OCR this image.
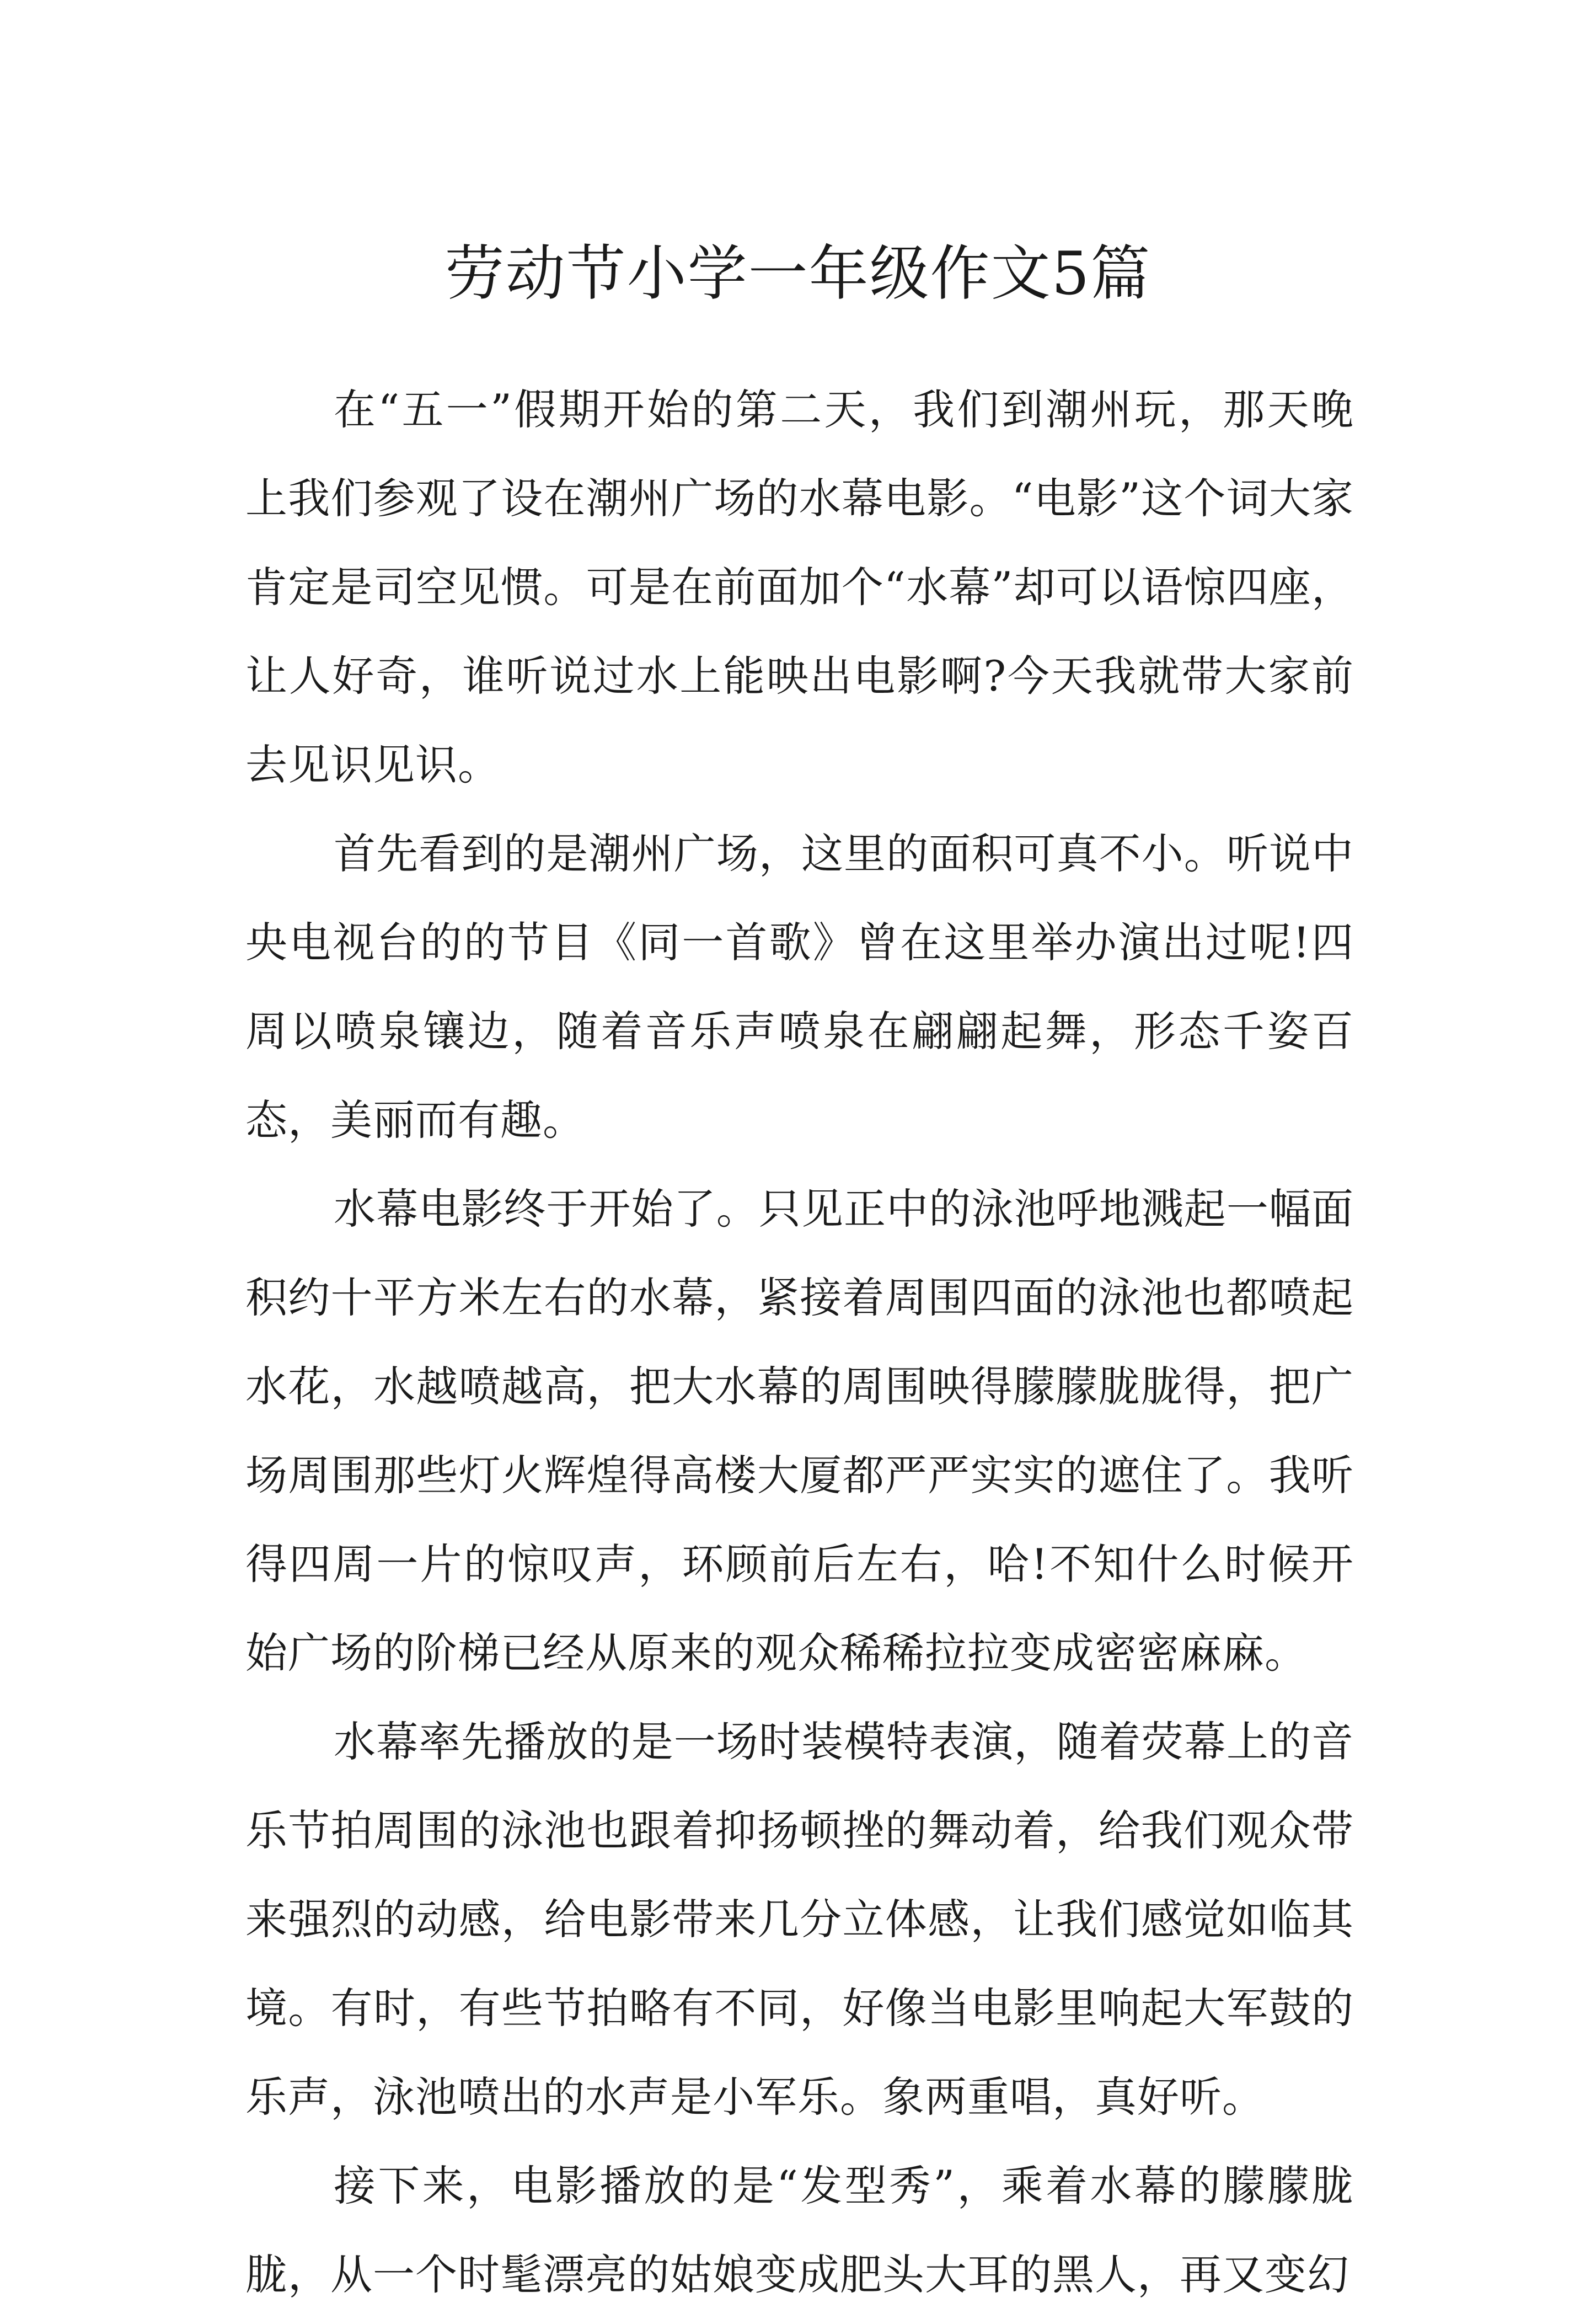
劳动节小学一年级作文5篇

在“五一”假期开始的第二天，我们到潮州玩，那天晚上我们参观了设在潮州广场的水幕电影。“电影”这个词大家肯定是司空见惯。可是在前面加个“水幕”却可以语惊四座，让人好奇，谁听说过水上能映出电影啊?今天我就带大家前去见识见识。

首先看到的是潮州广场，这里的面积可真不小。听说中央电视台的的节目《同一首歌》曾在这里举办演出过呢!四周以喷泉镶边，随着音乐声喷泉在翩翩起舞，形态千姿百态，美丽而有趣。

水幕电影终于开始了。只见正中的泳池呼地溅起一幅面积约十平方米左右的水幕，紧接着周围四面的泳池也都喷起水花，水越喷越高，把大水幕的周围映得朦朦胧胧得，把广场周围那些灯火辉煌得高楼大厦都严严实实的遮住了。我听得四周一片的惊叹声，环顾前后左右，哈!不知什么时候开始广场的阶梯已经从原来的观众稀稀拉拉变成密密麻麻。

水幕率先播放的是一场时装模特表演，随着荧幕上的音乐节拍周围的泳池也跟着抑扬顿挫的舞动着，给我们观众带来强烈的动感，给电影带来几分立体感，让我们感觉如临其境。有时，有些节拍略有不同，好像当电影里响起大军鼓的乐声，泳池喷出的水声是小军乐。象两重唱，真好听。

接下来，电影播放的是“发型秀”，乘着水幕的朦朦胧胧，从一个时髦漂亮的姑娘变成肥头大耳的黑人，再又变幻
